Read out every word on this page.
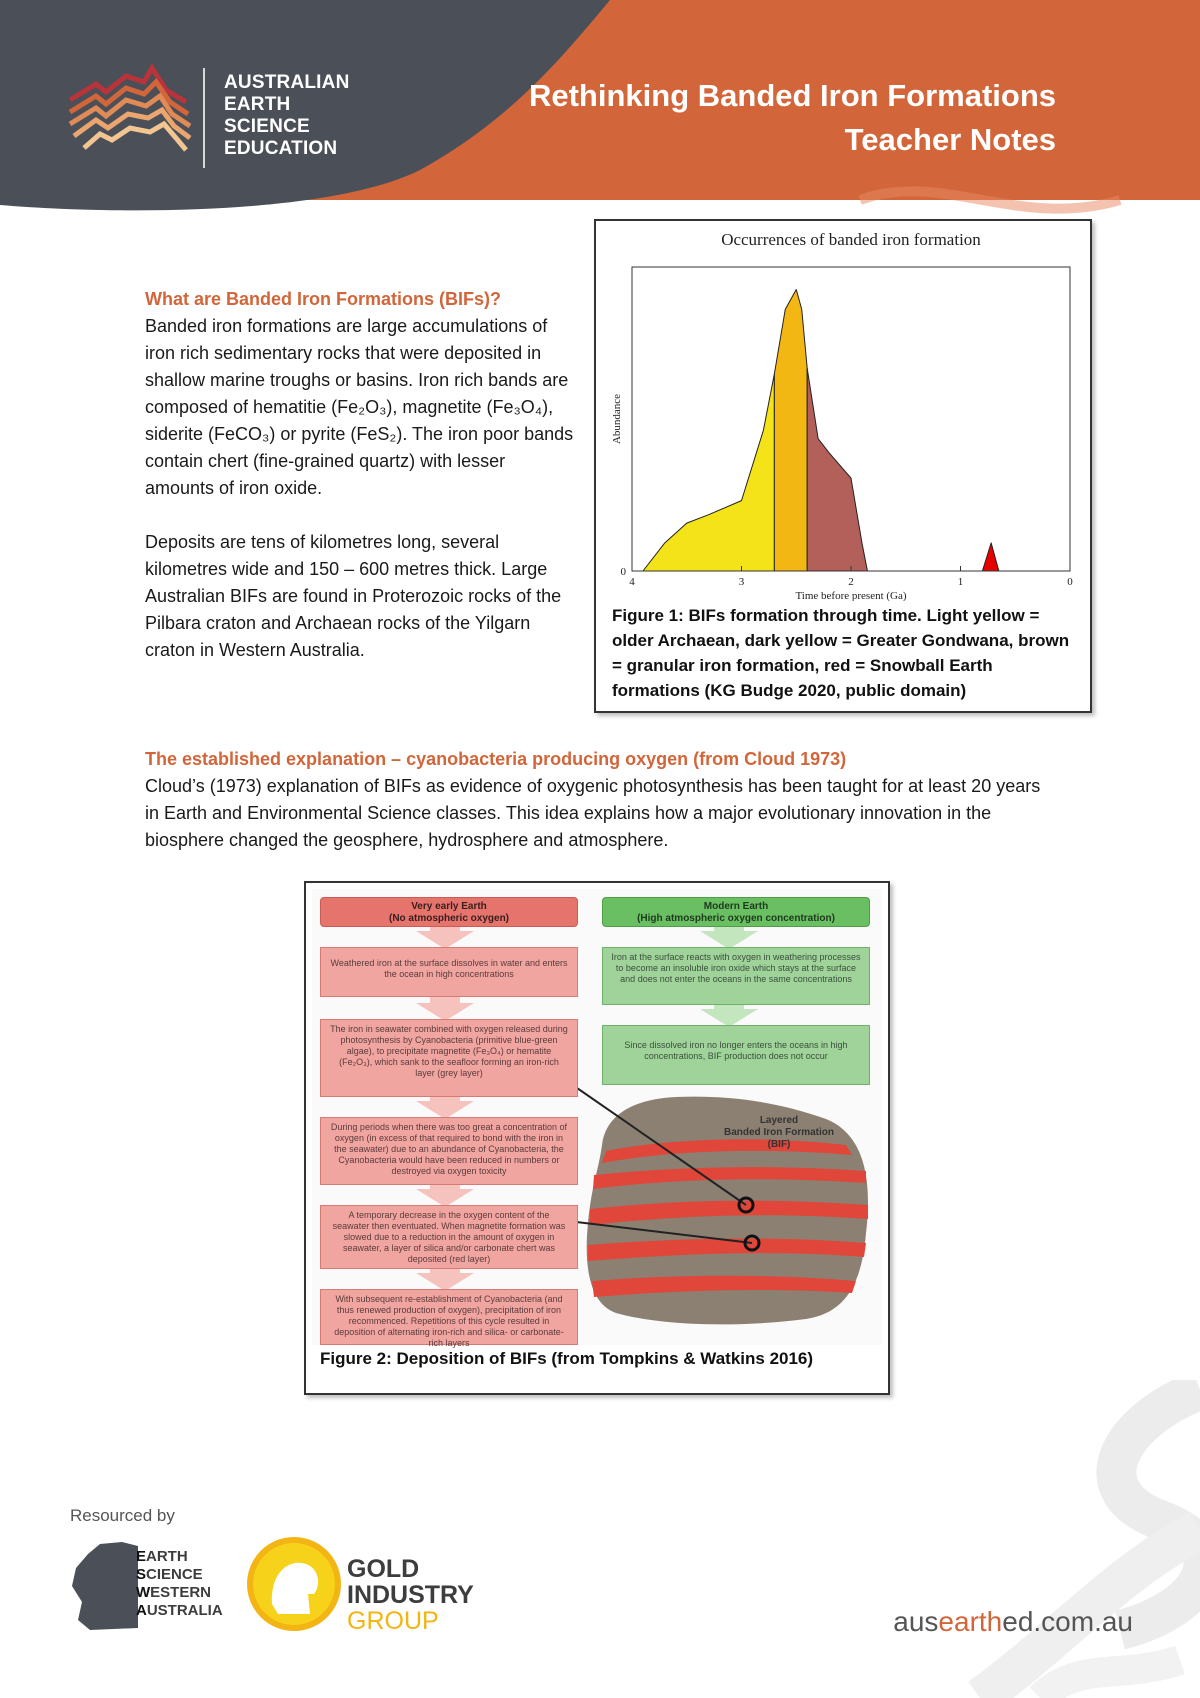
AUSTRALIAN
EARTH
SCIENCE
EDUCATION
Rethinking Banded Iron Formations
Teacher Notes
What are Banded Iron Formations (BIFs)?

Banded iron formations are large accumulations of iron rich sedimentary rocks that were deposited in shallow marine troughs or basins. Iron rich bands are composed of hematitie (Fe₂O₃), magnetite (Fe₃O₄), siderite (FeCO₃) or pyrite (FeS₂). The iron poor bands contain chert (fine-grained quartz) with lesser amounts of iron oxide.

Deposits are tens of kilometres long, several kilometres wide and 150 – 600 metres thick. Large Australian BIFs are found in Proterozoic rocks of the Pilbara craton and Archaean rocks of the Yilgarn craton in Western Australia.

Occurrences of banded iron formation
4	3	2	1	0
0
Time before present (Ga)
Abundance
Figure 1: BIFs formation through time. Light yellow = older Archaean, dark yellow = Greater Gondwana, brown = granular iron formation, red = Snowball Earth formations (KG Budge 2020, public domain)
The established explanation – cyanobacteria producing oxygen (from Cloud 1973)

Cloud’s (1973) explanation of BIFs as evidence of oxygenic photosynthesis has been taught for at least 20 years in Earth and Environmental Science classes. This idea explains how a major evolutionary innovation in the biosphere changed the geosphere, hydrosphere and atmosphere.

Very early Earth
(No atmospheric oxygen)
Weathered iron at the surface dissolves in water and enters the ocean in high concentrations
The iron in seawater combined with oxygen released during photosynthesis by Cyanobacteria (primitive blue-green algae), to precipitate magnetite (Fe₃O₄) or hematite (Fe₂O₃), which sank to the seafloor forming an iron-rich layer (grey layer)
During periods when there was too great a concentration of oxygen (in excess of that required to bond with the iron in the seawater) due to an abundance of Cyanobacteria, the Cyanobacteria would have been reduced in numbers or destroyed via oxygen toxicity
A temporary decrease in the oxygen content of the seawater then eventuated. When magnetite formation was slowed due to a reduction in the amount of oxygen in seawater, a layer of silica and/or carbonate chert was deposited (red layer)
With subsequent re-establishment of Cyanobacteria (and thus renewed production of oxygen), precipitation of iron recommenced. Repetitions of this cycle resulted in deposition of alternating iron-rich and silica- or carbonate-rich layers
Modern Earth
(High atmospheric oxygen concentration)
Iron at the surface reacts with oxygen in weathering processes to become an insoluble iron oxide which stays at the surface and does not enter the oceans in the same concentrations
Since dissolved iron no longer enters the oceans in high concentrations, BIF production does not occur
Layered
Banded Iron Formation
(BIF)
Figure 2: Deposition of BIFs (from Tompkins & Watkins 2016)
Resourced by
EARTH
SCIENCE
WESTERN
AUSTRALIA
GOLD
INDUSTRY
GROUP	ausearthed.com.au
